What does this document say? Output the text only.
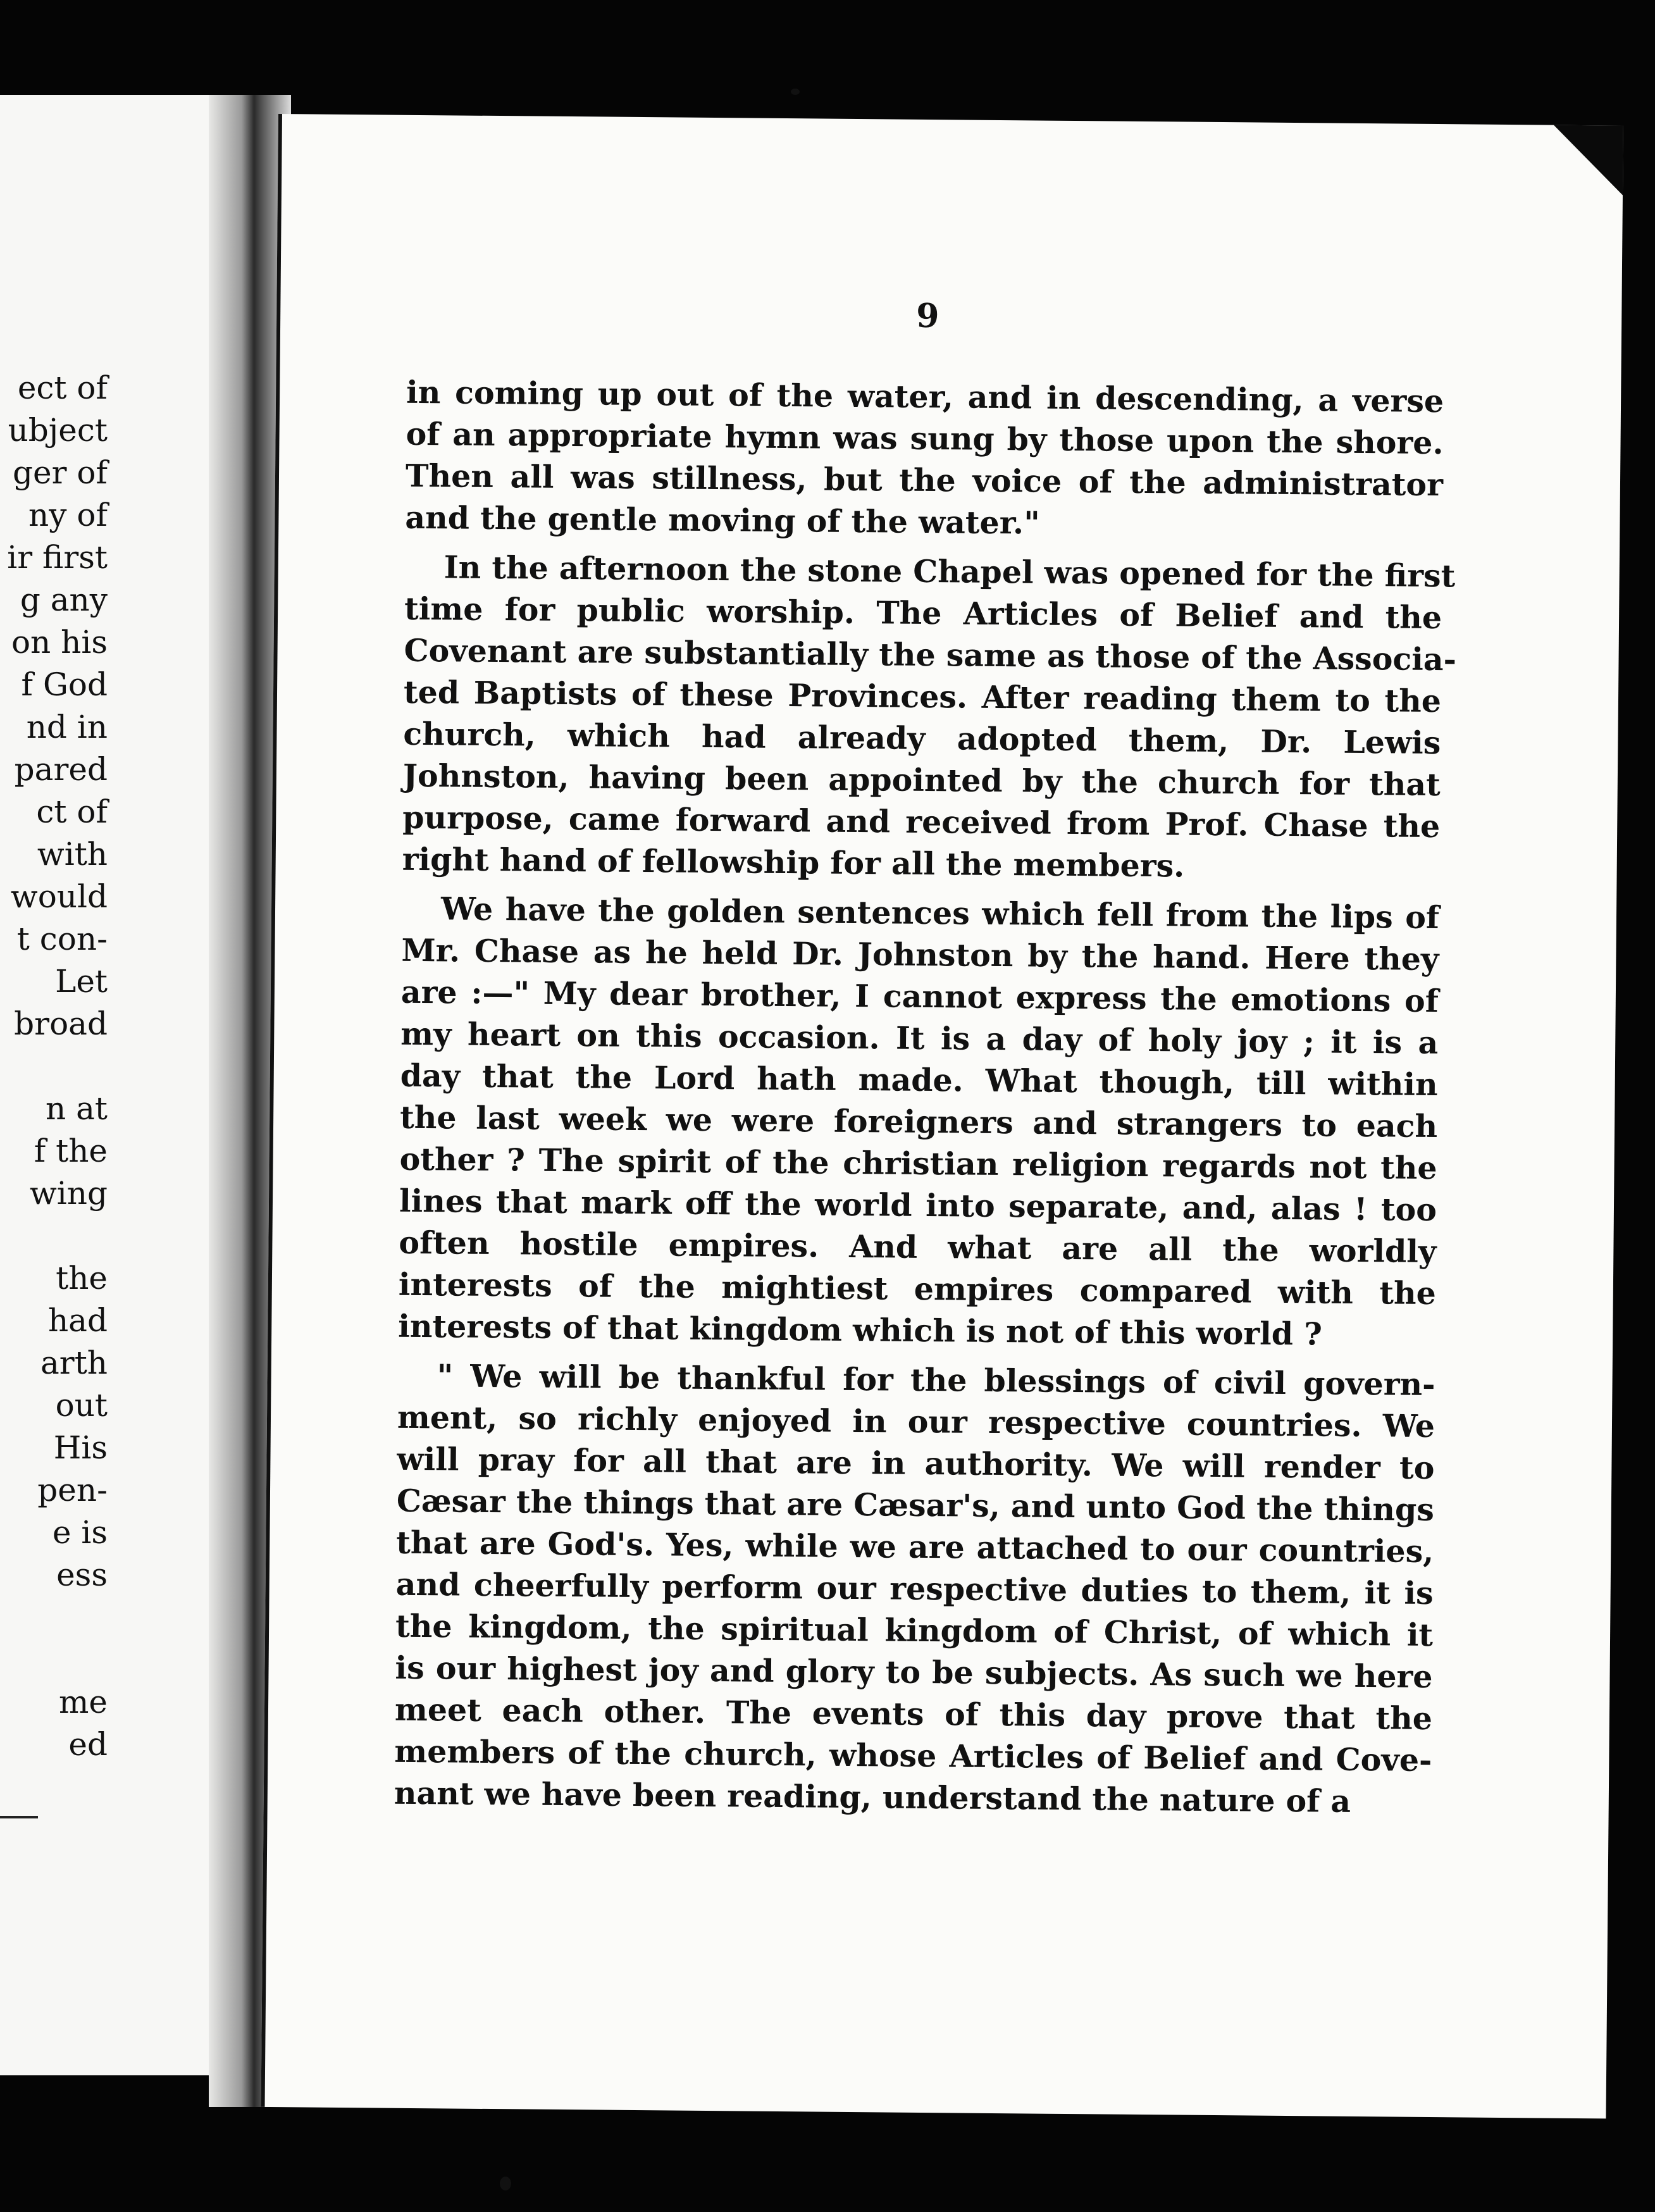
ect of
ubject
ger of
ny of
ir first
g any
on his
f God
nd in
pared
ct of
with
would
t con-
Let
broad
n at
f the
wing
the
had
arth
out
His
pen-
e is
ess
me
ed
9
in coming up out of the water, and in descending, a verse
of an appropriate hymn was sung by those upon the shore.
Then all was stillness, but the voice of the administrator
and the gentle moving of the water."
In the afternoon the stone Chapel was opened for the first
time for public worship. The Articles of Belief and the
Covenant are substantially the same as those of the Associa-
ted Baptists of these Provinces. After reading them to the
church, which had already adopted them, Dr. Lewis
Johnston, having been appointed by the church for that
purpose, came forward and received from Prof. Chase the
right hand of fellowship for all the members.
We have the golden sentences which fell from the lips of
Mr. Chase as he held Dr. Johnston by the hand. Here they
are :—" My dear brother, I cannot express the emotions of
my heart on this occasion. It is a day of holy joy ; it is a
day that the Lord hath made. What though, till within
the last week we were foreigners and strangers to each
other ? The spirit of the christian religion regards not the
lines that mark off the world into separate, and, alas ! too
often hostile empires. And what are all the worldly
interests of the mightiest empires compared with the
interests of that kingdom which is not of this world ?
" We will be thankful for the blessings of civil govern-
ment, so richly enjoyed in our respective countries. We
will pray for all that are in authority. We will render to
Cæsar the things that are Cæsar's, and unto God the things
that are God's. Yes, while we are attached to our countries,
and cheerfully perform our respective duties to them, it is
the kingdom, the spiritual kingdom of Christ, of which it
is our highest joy and glory to be subjects. As such we here
meet each other. The events of this day prove that the
members of the church, whose Articles of Belief and Cove-
nant we have been reading, understand the nature of a
